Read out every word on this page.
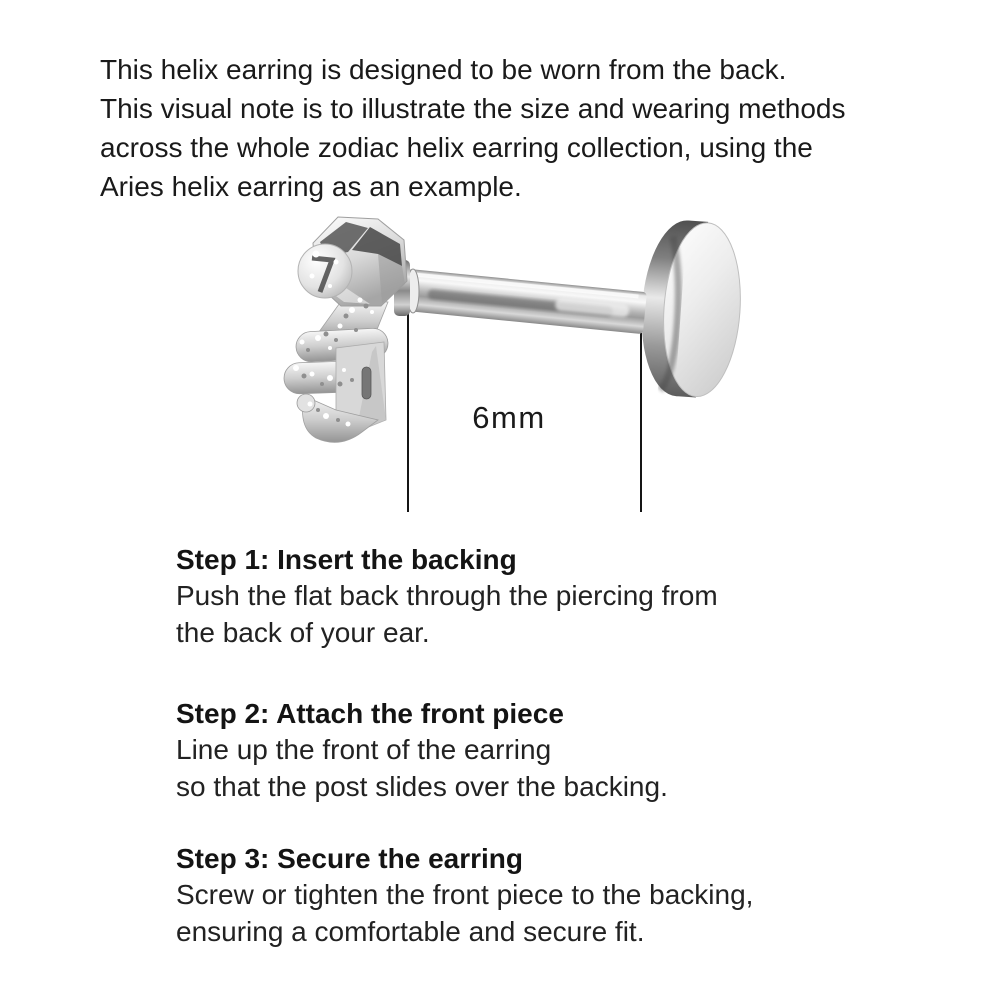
This helix earring is designed to be worn from the back.
This visual note is to illustrate the size and wearing methods
across the whole zodiac helix earring collection, using the
Aries helix earring as an example.
6mm
Step 1: Insert the backing

Push the flat back through the piercing from
the back of your ear.

Step 2: Attach the front piece

Line up the front of the earring
so that the post slides over the backing.

Step 3: Secure the earring

Screw or tighten the front piece to the backing,
ensuring a comfortable and secure fit.
